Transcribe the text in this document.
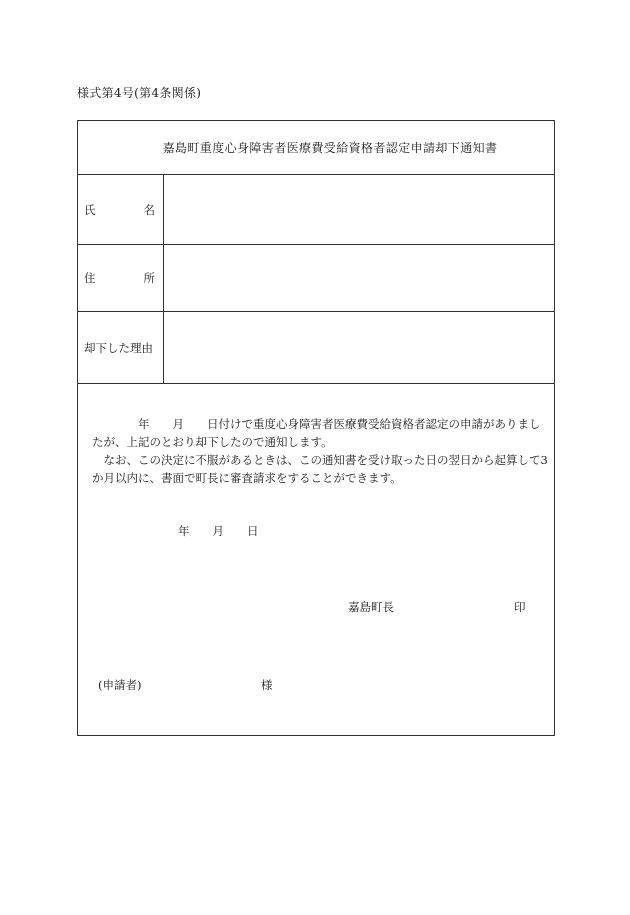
様式第4号(第4条関係)
嘉島町重度心身障害者医療費受給資格者認定申請却下通知書
氏	名
住	所
却下した理由

　　　　年　　月　　日付けで重度心身障害者医療費受給資格者認定の申請がありましたが、上記のとおり却下したので通知します。

　なお、この決定に不服があるときは、この通知書を受け取った日の翌日から起算して3か月以内に、書面で町長に審査請求をすることができます。

　　年　　月　　日
嘉島町長	印
(申請者)	様
